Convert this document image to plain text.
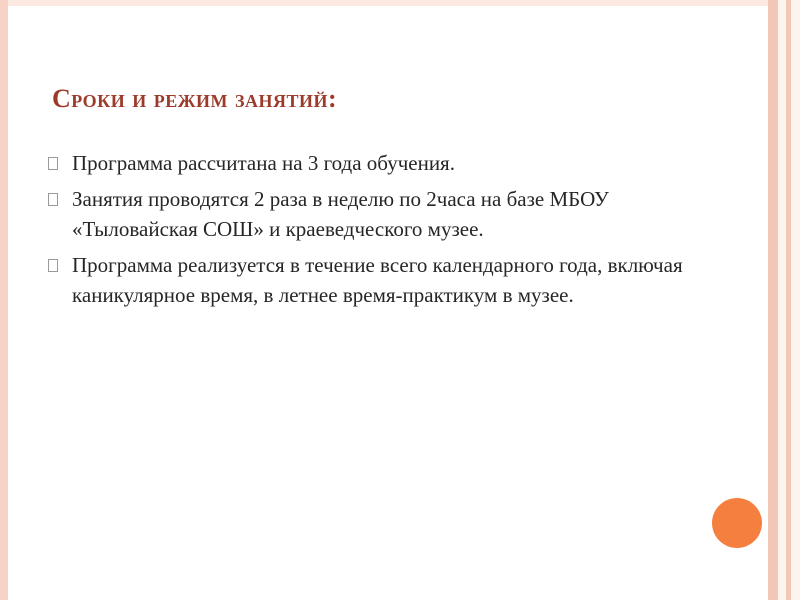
Сроки и режим занятий:
Программа рассчитана на 3 года обучения.
Занятия проводятся 2 раза в неделю по 2часа на базе МБОУ «Тыловайская СОШ» и краеведческого музее.
Программа реализуется в течение всего календарного года, включая каникулярное время, в летнее время-практикум в музее.
